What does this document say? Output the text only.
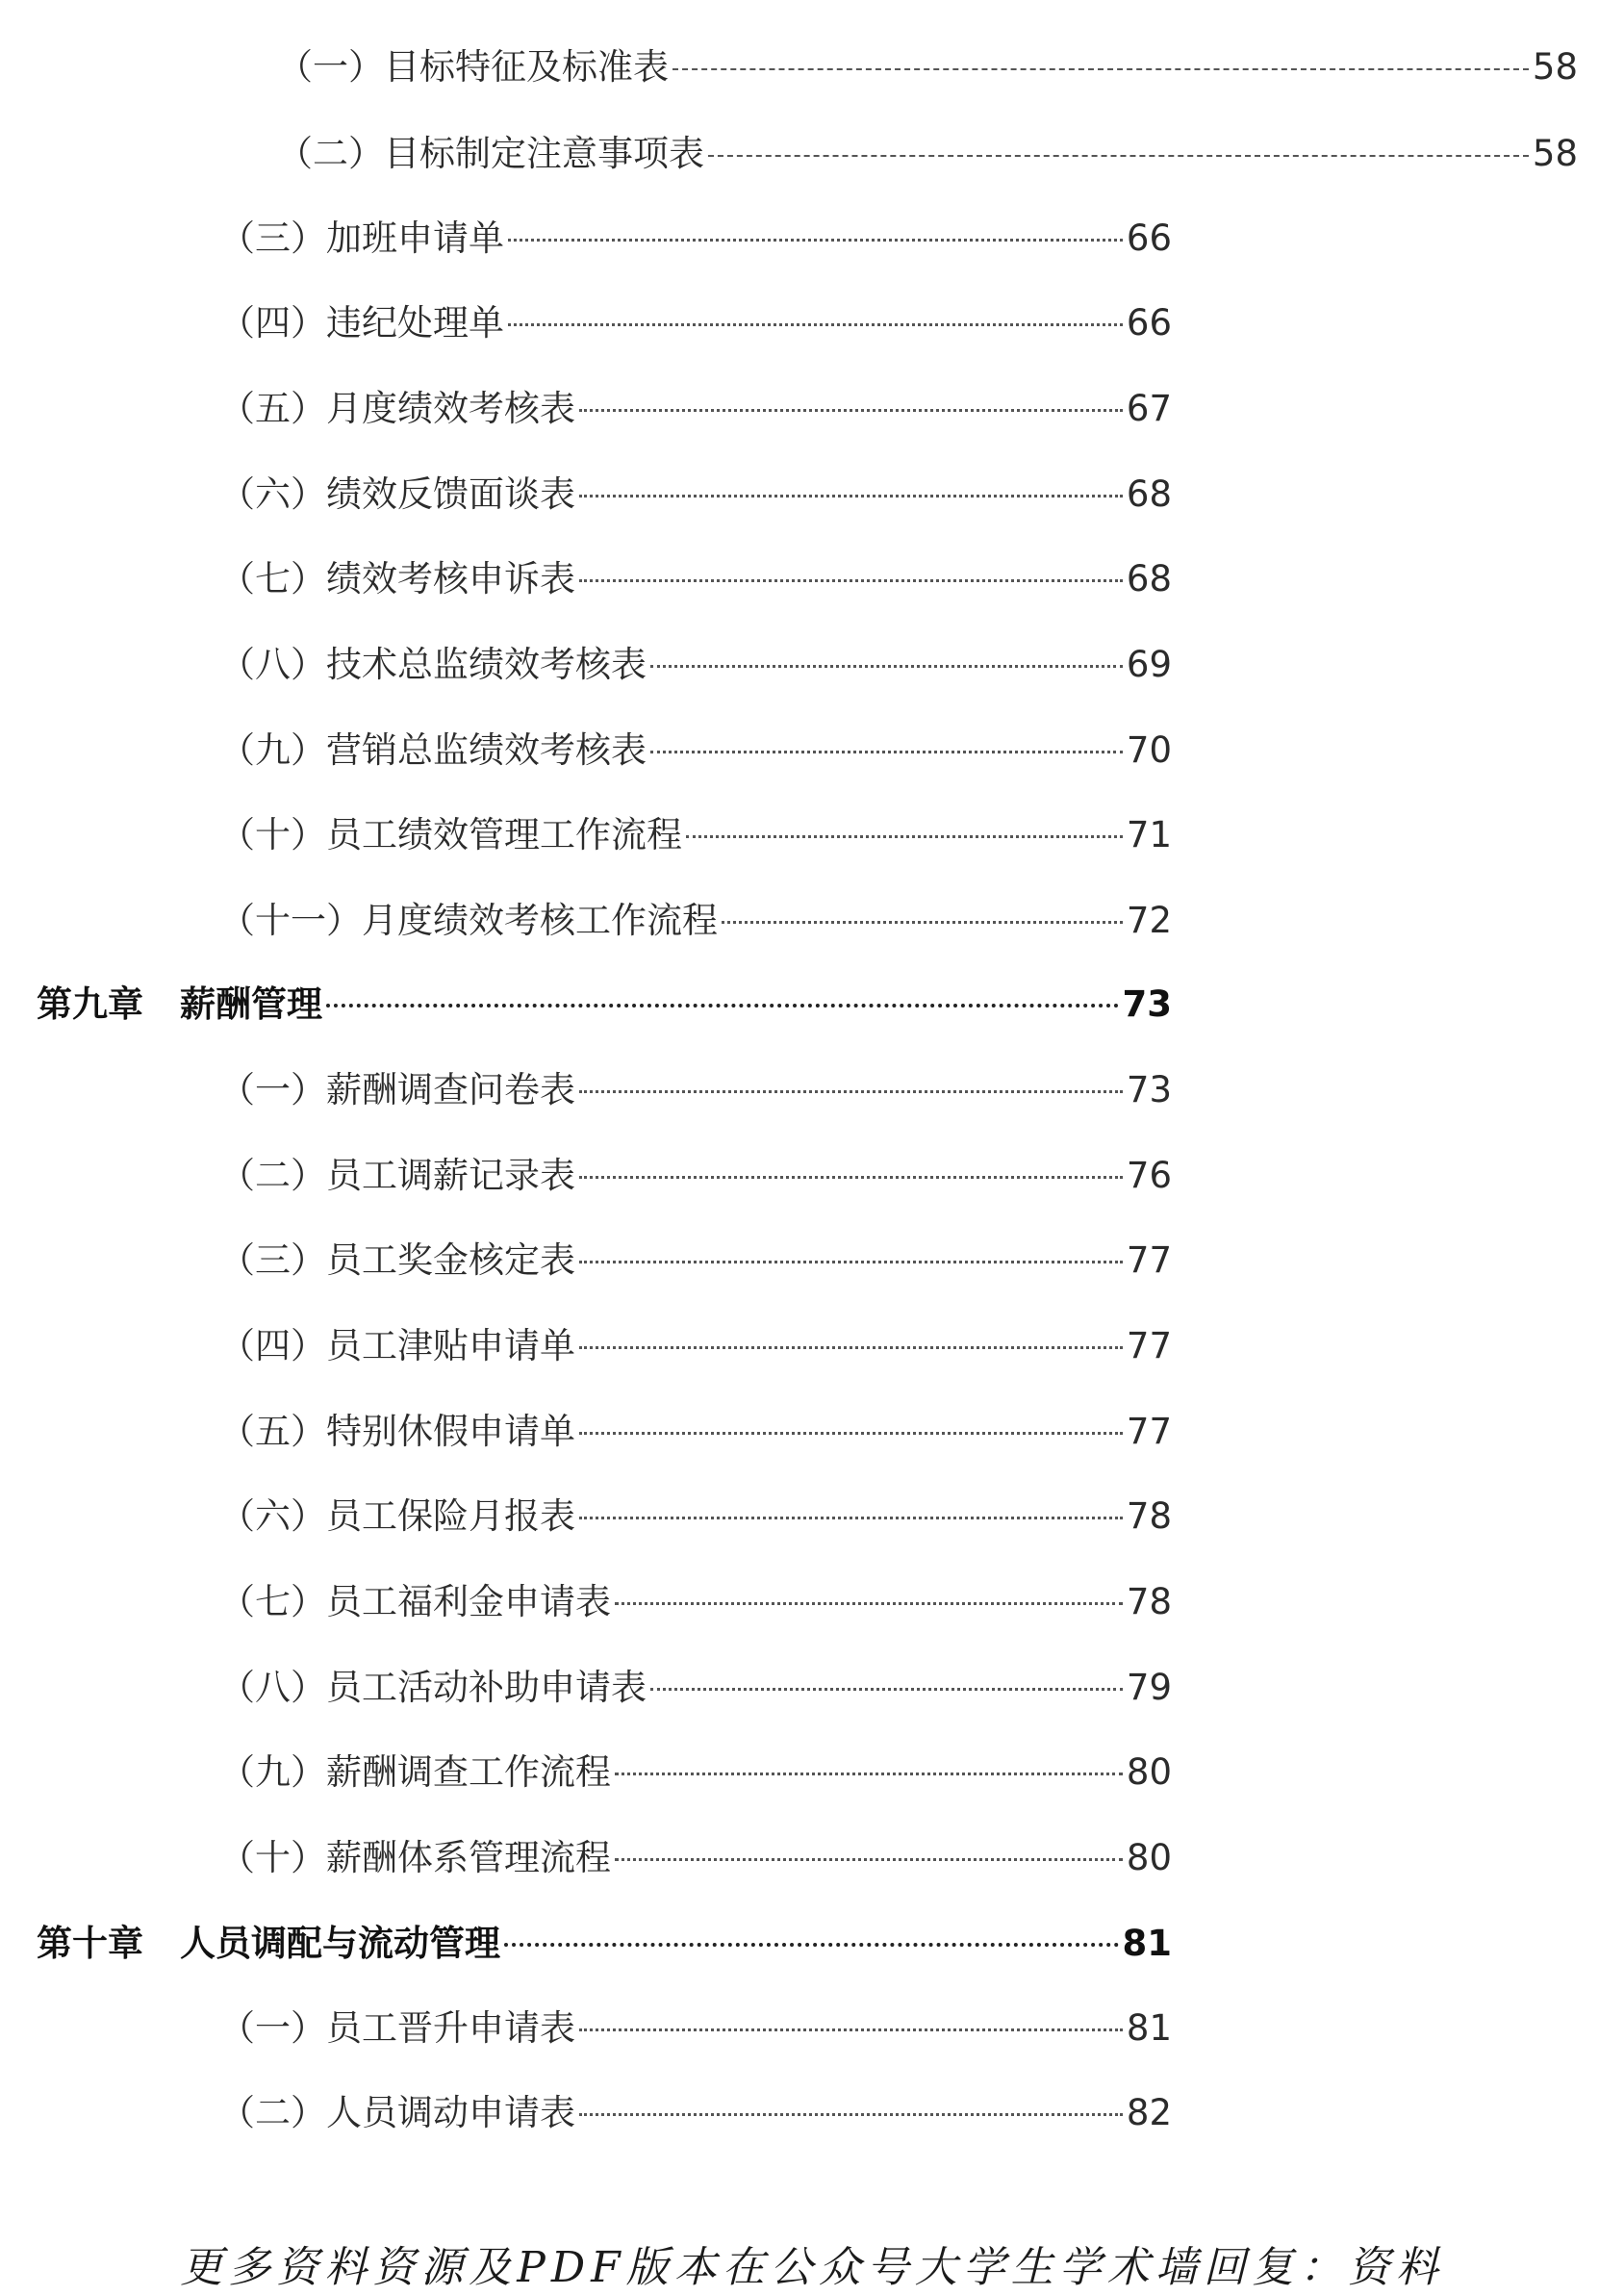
（一）目标特征及标准表	58
（二）目标制定注意事项表	58
（三）加班申请单	66
（四）违纪处理单	66
（五）月度绩效考核表	67
（六）绩效反馈面谈表	68
（七）绩效考核申诉表	68
（八）技术总监绩效考核表	69
（九）营销总监绩效考核表	70
（十）员工绩效管理工作流程	71
（十一）月度绩效考核工作流程	72
第九章 薪酬管理	73
（一）薪酬调查问卷表	73
（二）员工调薪记录表	76
（三）员工奖金核定表	77
（四）员工津贴申请单	77
（五）特别休假申请单	77
（六）员工保险月报表	78
（七）员工福利金申请表	78
（八）员工活动补助申请表	79
（九）薪酬调查工作流程	80
（十）薪酬体系管理流程	80
第十章 人员调配与流动管理	81
（一）员工晋升申请表	81
（二）人员调动申请表	82
更多资料资源及PDF版本在公众号大学生学术墙回复：资料
